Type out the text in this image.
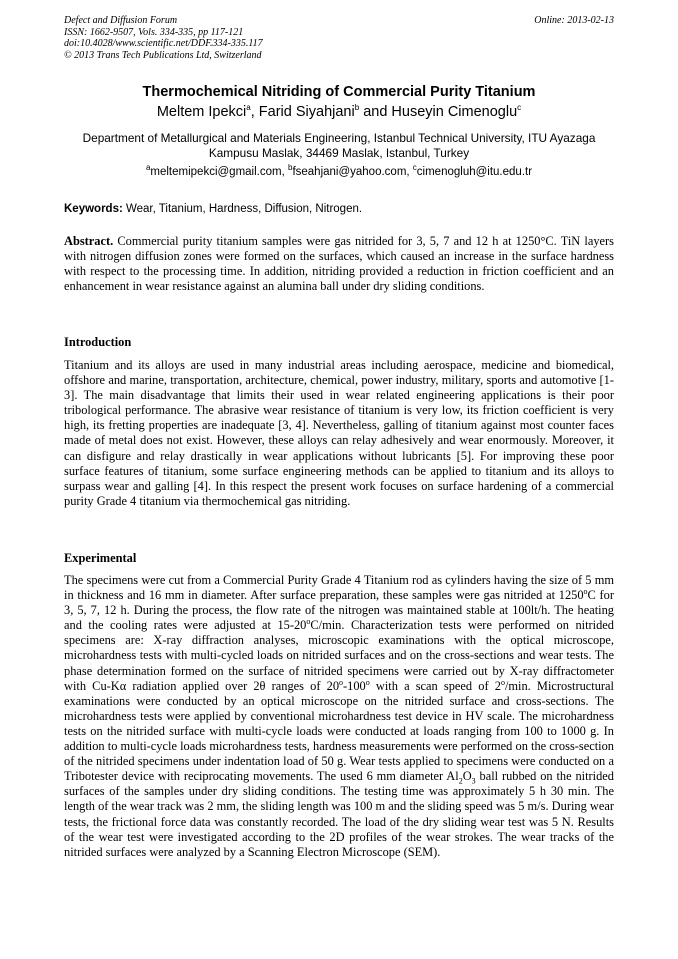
Defect and Diffusion Forum
ISSN: 1662-9507, Vols. 334-335, pp 117-121
doi:10.4028/www.scientific.net/DDF.334-335.117
© 2013 Trans Tech Publications Ltd, Switzerland
Online: 2013-02-13
Thermochemical Nitriding of Commercial Purity Titanium
Meltem Ipekci$^a$, Farid Siyahjani$^b$ and Huseyin Cimenoglu$^c$
Department of Metallurgical and Materials Engineering, Istanbul Technical University, ITU Ayazaga Kampusu Maslak, 34469 Maslak, Istanbul, Turkey
$^a$meltemipekci@gmail.com, $^b$fseahjani@yahoo.com, $^c$cimenogluh@itu.edu.tr
Keywords: Wear, Titanium, Hardness, Diffusion, Nitrogen.
Abstract. Commercial purity titanium samples were gas nitrided for 3, 5, 7 and 12 h at 1250°C. TiN layers with nitrogen diffusion zones were formed on the surfaces, which caused an increase in the surface hardness with respect to the processing time. In addition, nitriding provided a reduction in friction coefficient and an enhancement in wear resistance against an alumina ball under dry sliding conditions.
Introduction
Titanium and its alloys are used in many industrial areas including aerospace, medicine and biomedical, offshore and marine, transportation, architecture, chemical, power industry, military, sports and automotive [1-3]. The main disadvantage that limits their used in wear related engineering applications is their poor tribological performance. The abrasive wear resistance of titanium is very low, its friction coefficient is very high, its fretting properties are inadequate [3, 4]. Nevertheless, galling of titanium against most counter faces made of metal does not exist. However, these alloys can relay adhesively and wear enormously. Moreover, it can disfigure and relay drastically in wear applications without lubricants [5]. For improving these poor surface features of titanium, some surface engineering methods can be applied to titanium and its alloys to surpass wear and galling [4]. In this respect the present work focuses on surface hardening of a commercial purity Grade 4 titanium via thermochemical gas nitriding.
Experimental
The specimens were cut from a Commercial Purity Grade 4 Titanium rod as cylinders having the size of 5 mm in thickness and 16 mm in diameter. After surface preparation, these samples were gas nitrided at 1250$^o$C for 3, 5, 7, 12 h. During the process, the flow rate of the nitrogen was maintained stable at 100lt/h. The heating and the cooling rates were adjusted at 15-20$^o$C/min. Characterization tests were performed on nitrided specimens are: X-ray diffraction analyses, microscopic examinations with the optical microscope, microhardness tests with multi-cycled loads on nitrided surfaces and on the cross-sections and wear tests. The phase determination formed on the surface of nitrided specimens were carried out by X-ray diffractometer with Cu-Kα radiation applied over 2θ ranges of 20$^o$-100$^o$ with a scan speed of 2$^o$/min. Microstructural examinations were conducted by an optical microscope on the nitrided surface and cross-sections. The microhardness tests were applied by conventional microhardness test device in HV scale. The microhardness tests on the nitrided surface with multi-cycle loads were conducted at loads ranging from 100 to 1000 g. In addition to multi-cycle loads microhardness tests, hardness measurements were performed on the cross-section of the nitrided specimens under indentation load of 50 g. Wear tests applied to specimens were conducted on a Tribotester device with reciprocating movements. The used 6 mm diameter $Al_2O_3$ ball rubbed on the nitrided surfaces of the samples under dry sliding conditions. The testing time was approximately 5 h 30 min. The length of the wear track was 2 mm, the sliding length was 100 m and the sliding speed was 5 m/s. During wear tests, the frictional force data was constantly recorded. The load of the dry sliding wear test was 5 N. Results of the wear test were investigated according to the 2D profiles of the wear strokes. The wear tracks of the nitrided surfaces were analyzed by a Scanning Electron Microscope (SEM).
